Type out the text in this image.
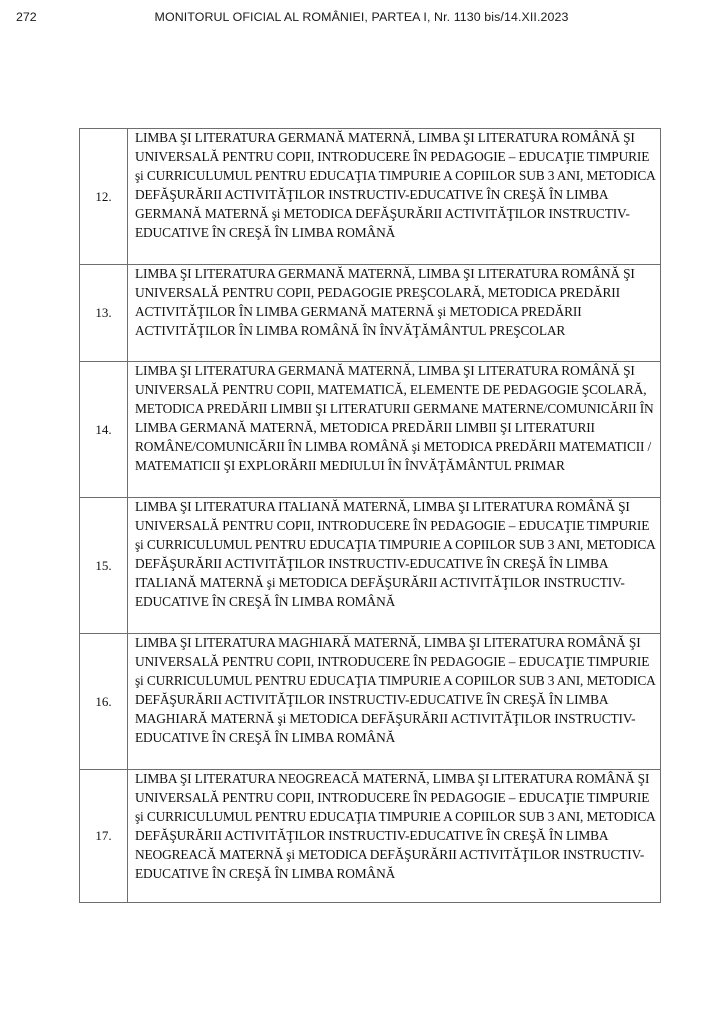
272	MONITORUL OFICIAL AL ROMÂNIEI, PARTEA I, Nr. 1130 bis/14.XII.2023
12.	LIMBA ŞI LITERATURA GERMANĂ MATERNĂ, LIMBA ŞI LITERATURA ROMÂNĂ ŞI UNIVERSALĂ PENTRU COPII, INTRODUCERE ÎN PEDAGOGIE – EDUCAŢIE TIMPURIE şi CURRICULUMUL PENTRU EDUCAŢIA TIMPURIE A COPIILOR SUB 3 ANI, METODICA DEFĂŞURĂRII ACTIVITĂŢILOR INSTRUCTIV-EDUCATIVE ÎN CREŞĂ ÎN LIMBA GERMANĂ MATERNĂ şi METODICA DEFĂŞURĂRII ACTIVITĂŢILOR INSTRUCTIV-EDUCATIVE ÎN CREŞĂ ÎN LIMBA ROMÂNĂ
13.	LIMBA ŞI LITERATURA GERMANĂ MATERNĂ, LIMBA ŞI LITERATURA ROMÂNĂ ŞI UNIVERSALĂ PENTRU COPII, PEDAGOGIE PREŞCOLARĂ, METODICA PREDĂRII ACTIVITĂŢILOR ÎN LIMBA GERMANĂ MATERNĂ şi METODICA PREDĂRII ACTIVITĂŢILOR ÎN LIMBA ROMÂNĂ ÎN ÎNVĂŢĂMÂNTUL PREŞCOLAR
14.	LIMBA ŞI LITERATURA GERMANĂ MATERNĂ, LIMBA ŞI LITERATURA ROMÂNĂ ŞI UNIVERSALĂ PENTRU COPII, MATEMATICĂ, ELEMENTE DE PEDAGOGIE ŞCOLARĂ, METODICA PREDĂRII LIMBII ŞI LITERATURII GERMANE MATERNE/COMUNICĂRII ÎN LIMBA GERMANĂ MATERNĂ, METODICA PREDĂRII LIMBII ŞI LITERATURII ROMÂNE/COMUNICĂRII ÎN LIMBA ROMÂNĂ şi METODICA PREDĂRII MATEMATICII / MATEMATICII ŞI EXPLORĂRII MEDIULUI ÎN ÎNVĂŢĂMÂNTUL PRIMAR
15.	LIMBA ŞI LITERATURA ITALIANĂ MATERNĂ, LIMBA ŞI LITERATURA ROMÂNĂ ŞI UNIVERSALĂ PENTRU COPII, INTRODUCERE ÎN PEDAGOGIE – EDUCAŢIE TIMPURIE şi CURRICULUMUL PENTRU EDUCAŢIA TIMPURIE A COPIILOR SUB 3 ANI, METODICA DEFĂŞURĂRII ACTIVITĂŢILOR INSTRUCTIV-EDUCATIVE ÎN CREŞĂ ÎN LIMBA ITALIANĂ MATERNĂ şi METODICA DEFĂŞURĂRII ACTIVITĂŢILOR INSTRUCTIV-EDUCATIVE ÎN CREŞĂ ÎN LIMBA ROMÂNĂ
16.	LIMBA ŞI LITERATURA MAGHIARĂ MATERNĂ, LIMBA ŞI LITERATURA ROMÂNĂ ŞI UNIVERSALĂ PENTRU COPII, INTRODUCERE ÎN PEDAGOGIE – EDUCAŢIE TIMPURIE şi CURRICULUMUL PENTRU EDUCAŢIA TIMPURIE A COPIILOR SUB 3 ANI, METODICA DEFĂŞURĂRII ACTIVITĂŢILOR INSTRUCTIV-EDUCATIVE ÎN CREŞĂ ÎN LIMBA MAGHIARĂ MATERNĂ şi METODICA DEFĂŞURĂRII ACTIVITĂŢILOR INSTRUCTIV-EDUCATIVE ÎN CREŞĂ ÎN LIMBA ROMÂNĂ
17.	LIMBA ŞI LITERATURA NEOGREACĂ MATERNĂ, LIMBA ŞI LITERATURA ROMÂNĂ ŞI UNIVERSALĂ PENTRU COPII, INTRODUCERE ÎN PEDAGOGIE – EDUCAŢIE TIMPURIE şi CURRICULUMUL PENTRU EDUCAŢIA TIMPURIE A COPIILOR SUB 3 ANI, METODICA DEFĂŞURĂRII ACTIVITĂŢILOR INSTRUCTIV-EDUCATIVE ÎN CREŞĂ ÎN LIMBA NEOGREACĂ MATERNĂ şi METODICA DEFĂŞURĂRII ACTIVITĂŢILOR INSTRUCTIV-EDUCATIVE ÎN CREŞĂ ÎN LIMBA ROMÂNĂ
